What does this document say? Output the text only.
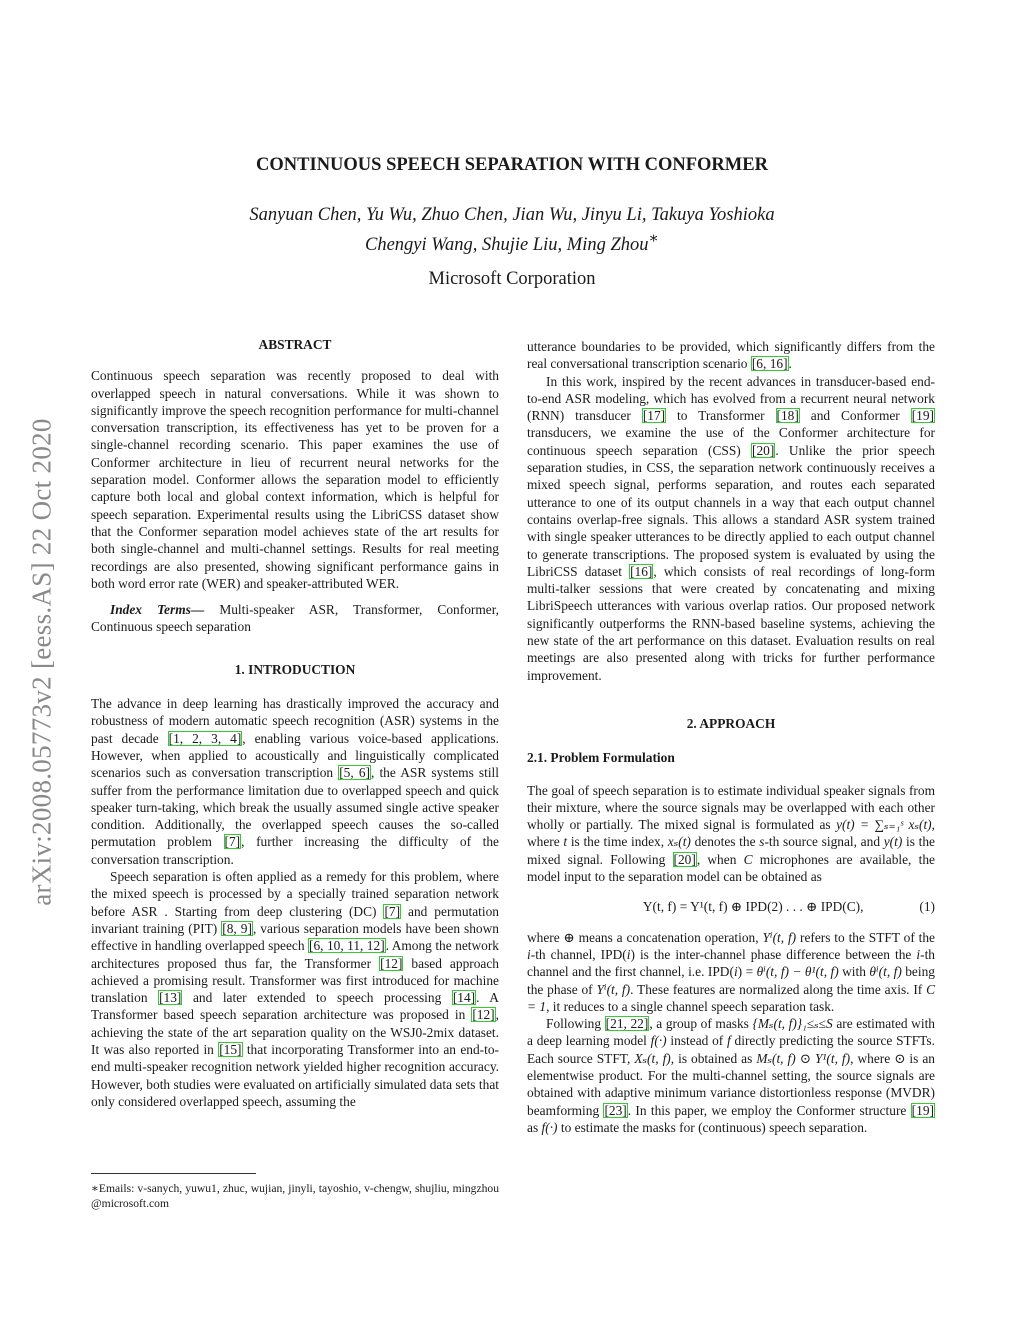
arXiv:2008.05773v2 [eess.AS] 22 Oct 2020
CONTINUOUS SPEECH SEPARATION WITH CONFORMER
Sanyuan Chen, Yu Wu, Zhuo Chen, Jian Wu, Jinyu Li, Takuya Yoshioka
Chengyi Wang, Shujie Liu, Ming Zhou∗
Microsoft Corporation
ABSTRACT

Continuous speech separation was recently proposed to deal with overlapped speech in natural conversations. While it was shown to significantly improve the speech recognition performance for multi-channel conversation transcription, its effectiveness has yet to be proven for a single-channel recording scenario. This paper examines the use of Conformer architecture in lieu of recurrent neural networks for the separation model. Conformer allows the separation model to efficiently capture both local and global context information, which is helpful for speech separation. Experimental results using the LibriCSS dataset show that the Conformer separation model achieves state of the art results for both single-channel and multi-channel settings. Results for real meeting recordings are also presented, showing significant performance gains in both word error rate (WER) and speaker-attributed WER.

Index Terms— Multi-speaker ASR, Transformer, Conformer, Continuous speech separation

1. INTRODUCTION

The advance in deep learning has drastically improved the accuracy and robustness of modern automatic speech recognition (ASR) systems in the past decade [1, 2, 3, 4], enabling various voice-based applications. However, when applied to acoustically and linguistically complicated scenarios such as conversation transcription [5, 6], the ASR systems still suffer from the performance limitation due to overlapped speech and quick speaker turn-taking, which break the usually assumed single active speaker condition. Additionally, the overlapped speech causes the so-called permutation problem [7], further increasing the difficulty of the conversation transcription.

Speech separation is often applied as a remedy for this problem, where the mixed speech is processed by a specially trained separation network before ASR . Starting from deep clustering (DC) [7] and permutation invariant training (PIT) [8, 9], various separation models have been shown effective in handling overlapped speech [6, 10, 11, 12]. Among the network architectures proposed thus far, the Transformer [12] based approach achieved a promising result. Transformer was first introduced for machine translation [13] and later extended to speech processing [14]. A Transformer based speech separation architecture was proposed in [12], achieving the state of the art separation quality on the WSJ0-2mix dataset. It was also reported in [15] that incorporating Transformer into an end-to-end multi-speaker recognition network yielded higher recognition accuracy. However, both studies were evaluated on artificially simulated data sets that only considered overlapped speech, assuming the

∗Emails: v-sanych, yuwu1, zhuc, wujian, jinyli, tayoshio, v-chengw, shujliu, mingzhou @microsoft.com

utterance boundaries to be provided, which significantly differs from the real conversational transcription scenario [6, 16].

In this work, inspired by the recent advances in transducer-based end-to-end ASR modeling, which has evolved from a recurrent neural network (RNN) transducer [17] to Transformer [18] and Conformer [19] transducers, we examine the use of the Conformer architecture for continuous speech separation (CSS) [20]. Unlike the prior speech separation studies, in CSS, the separation network continuously receives a mixed speech signal, performs separation, and routes each separated utterance to one of its output channels in a way that each output channel contains overlap-free signals. This allows a standard ASR system trained with single speaker utterances to be directly applied to each output channel to generate transcriptions. The proposed system is evaluated by using the LibriCSS dataset [16], which consists of real recordings of long-form multi-talker sessions that were created by concatenating and mixing LibriSpeech utterances with various overlap ratios. Our proposed network significantly outperforms the RNN-based baseline systems, achieving the new state of the art performance on this dataset. Evaluation results on real meetings are also presented along with tricks for further performance improvement.

2. APPROACH
2.1. Problem Formulation

The goal of speech separation is to estimate individual speaker signals from their mixture, where the source signals may be overlapped with each other wholly or partially. The mixed signal is formulated as y(t) = ∑ₛ₌₁ˢ xₛ(t), where t is the time index, xₛ(t) denotes the s-th source signal, and y(t) is the mixed signal. Following [20], when C microphones are available, the model input to the separation model can be obtained as

Y(t, f) = Y¹(t, f) ⊕ IPD(2) . . . ⊕ IPD(C),	(1)

where ⊕ means a concatenation operation, Yⁱ(t, f) refers to the STFT of the i-th channel, IPD(i) is the inter-channel phase difference between the i-th channel and the first channel, i.e. IPD(i) = θⁱ(t, f) − θ¹(t, f) with θⁱ(t, f) being the phase of Yⁱ(t, f). These features are normalized along the time axis. If C = 1, it reduces to a single channel speech separation task.

Following [21, 22], a group of masks {Mₛ(t, f)}₁≤ₛ≤S are estimated with a deep learning model f(·) instead of f directly predicting the source STFTs. Each source STFT, Xₛ(t, f), is obtained as Mₛ(t, f) ⊙ Y¹(t, f), where ⊙ is an elementwise product. For the multi-channel setting, the source signals are obtained with adaptive minimum variance distortionless response (MVDR) beamforming [23]. In this paper, we employ the Conformer structure [19] as f(·) to estimate the masks for (continuous) speech separation.
